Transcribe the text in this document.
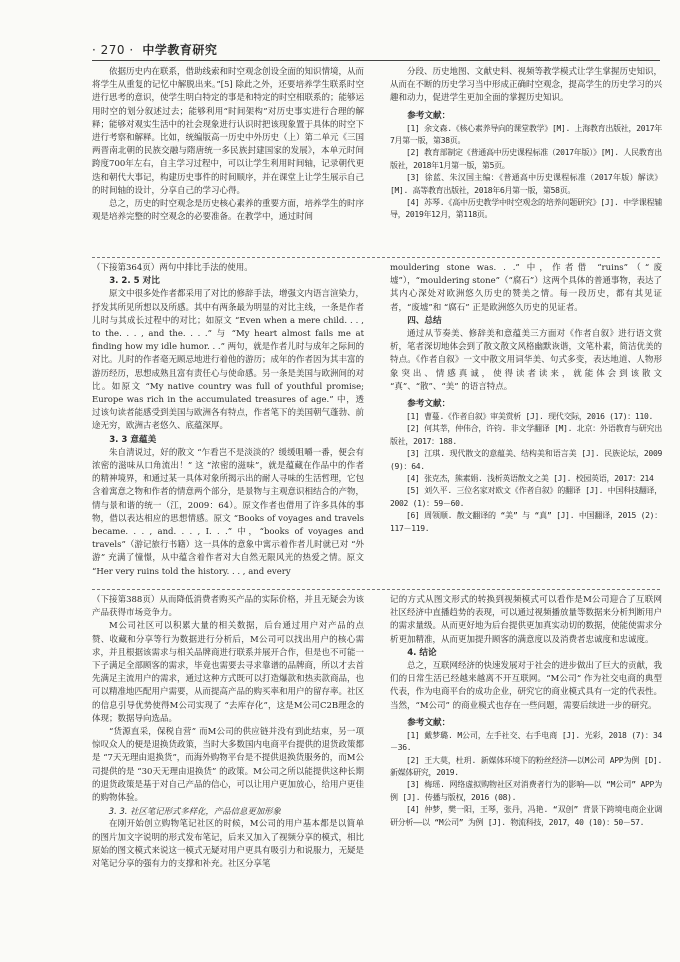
· 270 · 中学教育研究

依据历史内在联系，借助线索和时空观念创设全面的知识情境，从而将学生从重复的记忆中解脱出来。”[5] 除此之外，还要培养学生联系时空进行思考的意识，使学生明白特定的事是和特定的时空相联系的；能够运用时空的划分叙述过去；能够利用“时间架构”对历史事实进行合理的解释；能够对观实生活中的社会现象进行认识时把该现象置于具体的时空下进行考察和解释。比如，统编版高一历史中外历史（上）第二单元《三国两晋南北朝的民族交融与隋唐统一多民族封建国家的发展》，本单元时间跨度700年左右，自主学习过程中，可以让学生利用时间轴，记录朝代更迭和朝代大事记，构建历史事件的时间顺序，并在课堂上让学生展示自己的时间轴的设计，分享自己的学习心得。

总之，历史的时空观念是历史核心素养的重要方面，培养学生的时序观是培养完整的时空观念的必要准备。在教学中，通过时间

分段、历史地图、文献史料、视频等教学模式让学生掌握历史知识，从而在不断的历史学习当中形成正确时空观念，提高学生的历史学习的兴趣和动力，促进学生更加全面的掌握历史知识。

参考文献：

[1] 余文森.《核心素养导向的课堂教学》[M]. 上海教育出版社，2017年7月第一版，第38页。

[2] 教育部制定《普通高中历史课程标准（2017年版）》[M]. 人民教育出版社，2018年1月第一版，第5页。

[3] 徐蓝、朱汉国主编：《普通高中历史课程标准（2017年版）解读》[M]. 高等教育出版社，2018年6月第一版，第58页。

[4] 苏琴.《高中历史教学中时空观念的培养问题研究》[J]. 中学课程辅导，2019年12月，第118页。

（下接第364页）两句中排比手法的使用。

3. 2. 5 对比

原文中很多处作者都采用了对比的修辞手法，增强文内语言渲染力，抒发其所见所想以及所感。其中有两条最为明显的对比主线，一条是作者儿时与其成长过程中的对比；如原文 “Even when a mere child. . . , to the. . . , and the. . . .” 与 “My heart almost fails me at finding how my idle humor. . .” 两句，就是作者儿时与成年之际间的对比。儿时的作者毫无顾忌地进行着他的游历；成年的作者因为其丰富的游历经历，思想成熟且富有责任心与使命感。另一条是美国与欧洲间的对比。如原文 “My native country was full of youthful promise; Europe was rich in the accumulated treasures of age.” 中，透过该句读者能感受到美国与欧洲各有特点，作者笔下的美国朝气蓬勃、前途无穷，欧洲古老悠久、底蕴深厚。

3. 3 意蕴美

朱自清说过，好的散文 “乍看岂不是淡淡的？缓缓咀嚼一番，便会有浓密的滋味从口角流出！” 这 “浓密的滋味”，就是蕴藏在作品中的作者的精神境界，和通过某一具体对象所揭示出的耐人寻味的生活哲理，它包含着寓意之物和作者的情意两个部分，是景物与主观意识相结合的产物，情与景和谐的统一（江，2009：64）。原文作者也借用了许多具体的事物，借以表达相应的思想情感。原文 “Books of voyages and travels became. . . , and. . . , I. . .” 中，“books of voyages and travels”（游记旅行书籍）这一具体的意象中寓示着作者儿时就已对 “外游” 充满了憧憬，从中蕴含着作者对大自然无限风光的热爱之情。原文 “Her very ruins told the history. . . , and every

mouldering stone was. . .” 中，作者借 “ruins”（“废墟”），“mouldering stone”（“腐石”）这两个具体的普通事物，表达了其内心深处对欧洲悠久历史的赞美之情。每一段历史，都有其见证者，“废墟”和 “腐石” 正是欧洲悠久历史的见证者。

四、总结

通过从节奏美、修辞美和意蕴美三方面对《作者自叙》进行语文赏析，笔者深切地体会到了散文散文风格幽默诙谐，文笔朴素，简洁优美的特点。《作者自叙》一文中散文用词华美、句式多变，表达地道、人物形象突出、情感真诚，使得读者读来，就能体会到该散文 “真”、“散”、“美” 的语言特点。

参考文献：

[1] 曹蔓.《作者自叙》审美赏析 [J]. 现代交际，2016 (17)：110.

[2] 何其莘，仲伟合，许钧. 非文学翻译 [M]. 北京：外语教育与研究出版社，2017：188.

[3] 江琪. 现代散文的意蕴美、结构美和语言美 [J]. 民族论坛，2009 (9)：64.

[4] 张克杰，熊素娟. 浅析英语散文之美 [J]. 校园英语，2017：214

[5] 刘久平. 三位名家对欧文《作者自叙》的翻译 [J]. 中国科技翻译，2002 (1)：59－60.

[6] 周领顺. 散文翻译的 “美” 与 “真” [J]. 中国翻译，2015 (2)：117－119.

（下接第388页）从而降低消费者购买产品的实际价格，并且无疑会为该产品获得市场竞争力。

M公司社区可以积累大量的相关数据，后台通过用户对产品的点赞、收藏和分享等行为数据进行分析后，M公司可以找出用户的核心需求，并且根据该需求与相关品牌商进行联系并展开合作，但是也不可能一下子满足全部顾客的需求，毕竟也需要去寻求靠谱的品牌商，所以才去首先满足主流用户的需求，通过这种方式既可以打造爆款和热卖款商品，也可以精准地匹配用户需要，从而提高产品的购买率和用户的留存率。社区的信息引导优势使得M公司实现了 “去库存化”，这是M公司C2B理念的体现；数据导向选品。

“货源直采，保税自营” 而M公司的供应链并没有到此结束，另一项惊叹众人的便是退换货政策，当时大多数国内电商平台提供的退货政策都是 “7天无理由退换货”，而海外购物平台是不提供退换货服务的，而M公司提供的是 “30天无理由退换货” 的政策。M公司之所以能提供这种长期的退货政策是基于对自己产品的信心，可以让用户更加放心，给用户更佳的购物体验。

3. 3. 社区笔记形式多样化，产品信息更加形象

在刚开始创立购物笔记社区的时候，M公司的用户基本都是以简单的图片加文字说明的形式发布笔记，后来又加入了视频分享的模式，相比原始的图文模式来说这一模式无疑对用户更具有吸引力和说服力，无疑是对笔记分享的强有力的支撑和补充。社区分享笔

记的方式从图文形式的转换到视频模式可以看作是M公司迎合了互联网社区经济中直播趋势的表现，可以通过视频播放量等数据来分析判断用户的需求量级。从而更好地为后台提供更加真实动切的数据，使能使需求分析更加精准，从而更加提升顾客的满意度以及消费者忠诚度和忠诚度。

4. 结论

总之，互联网经济的快速发展对于社会的进步做出了巨大的贡献，我们的日常生活已经越来越离不开互联网。“M公司” 作为社交电商的典型代表，作为电商平台的成功企业，研究它的商业模式具有一定的代表性。当然，“M公司” 的商业模式也存在一些问题，需要后续进一步的研究。

参考文献：

[1] 戴梦璐. M公司，左手社交、右手电商 [J]. 光彩，2018 (7)：34－36.

[2] 王大莫，杜玥. 新媒体环境下的粉丝经济——以M公司 APP为例 [D]. 新媒体研究，2019.

[3] 梅瑶. 网络虚拟购物社区对消费者行为的影响——以 “M公司” APP为例 [J]. 传播与版权，2016 (08).

[4] 仲梦，樊一阳，王琴，张丹，冯艳. “双创” 背景下跨境电商企业调研分析——以 “M公司” 为例 [J]. 物流科技，2017，40 (10)：50－57.
